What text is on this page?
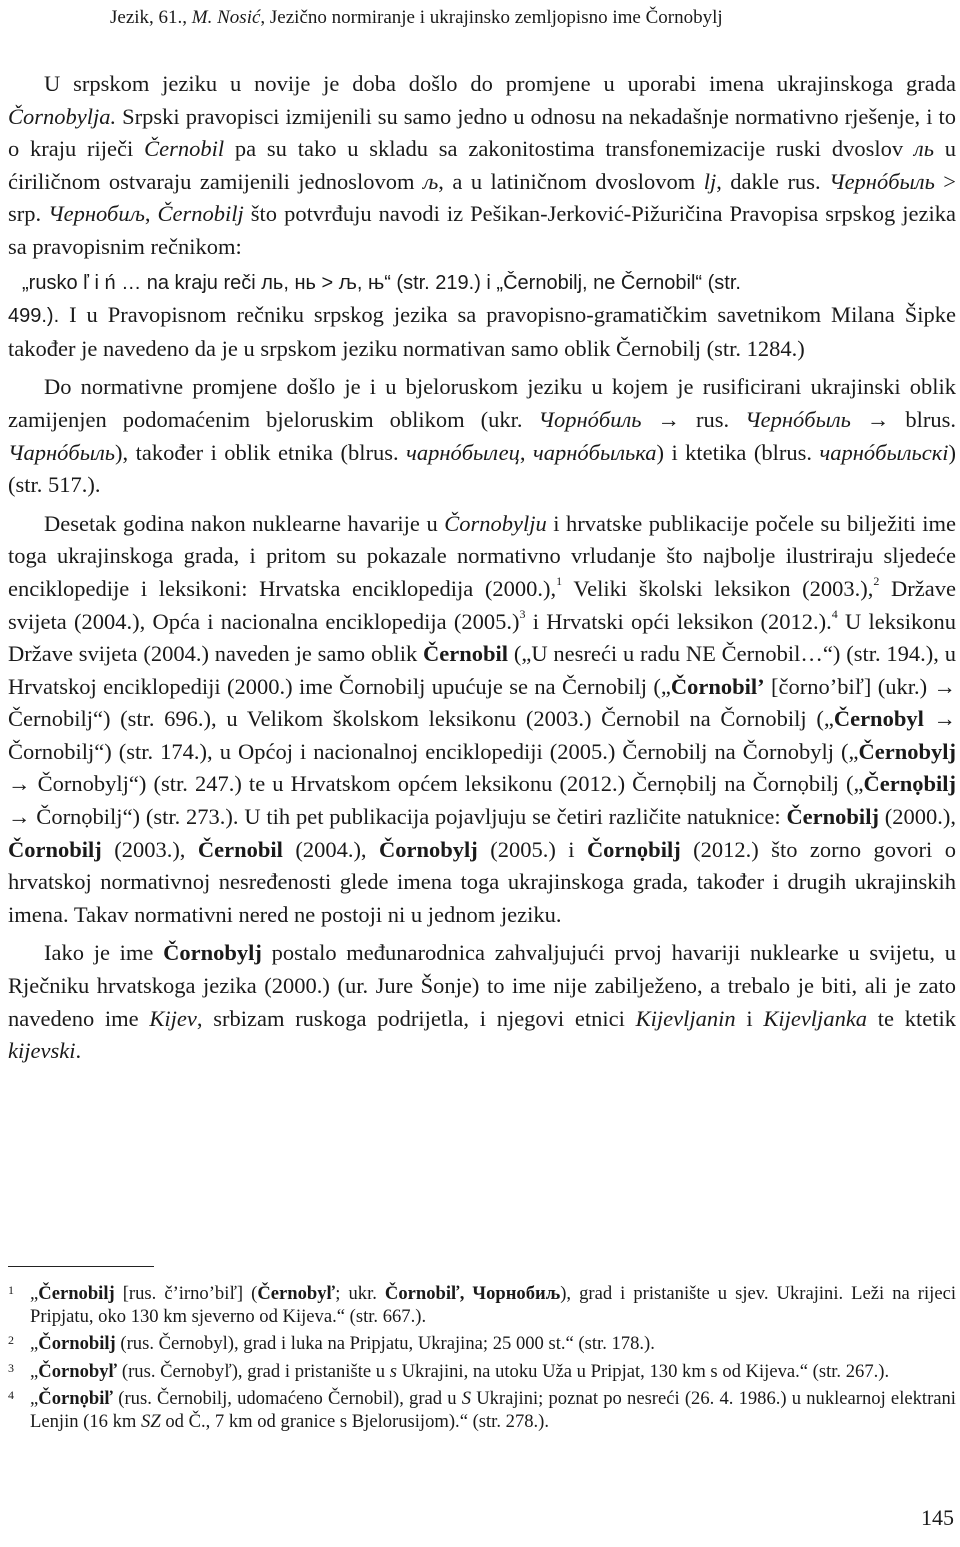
Jezik, 61., M. Nosić, Jezično normiranje i ukrajinsko zemljopisno ime Čornobylj

U srpskom jeziku u novije je doba došlo do promjene u uporabi imena ukrajinskoga grada Čornobylja. Srpski pravopisci izmijenili su samo jedno u odnosu na nekadašnje normativno rješenje, i to o kraju riječi Černobil pa su tako u skladu sa zakonitostima transfonemizacije ruski dvoslov ль u ćiriličnom ostvaraju zamijenili jednoslovom љ, a u latiničnom dvoslovom lj, dakle rus. Чернóбыль > srp. Чернобиљ, Černobilj što potvrđuju navodi iz Pešikan-Jerković-Pižuričina Pravopisa srpskog jezika sa pravopisnim rečnikom:

„rusko ľ i ń … na kraju reči ль, нь > љ, њ“ (str. 219.) i „Černobilj, ne Černobil“ (str.

499.). I u Pravopisnom rečniku srpskog jezika sa pravopisno-gramatičkim savetnikom Milana Šipke također je navedeno da je u srpskom jeziku normativan samo oblik Černobilj (str. 1284.)

Do normativne promjene došlo je i u bjeloruskom jeziku u kojem je rusificirani ukrajinski oblik zamijenjen podomaćenim bjeloruskim oblikom (ukr. Чорнóбиль → rus. Чернóбыль → blrus. Чарнóбыль), također i oblik etnika (blrus. чарнóбылец, чарнóбылька) i ktetika (blrus. чарнóбыльскі) (str. 517.).

Desetak godina nakon nuklearne havarije u Čornobylju i hrvatske publikacije počele su bilježiti ime toga ukrajinskoga grada, i pritom su pokazale normativno vrludanje što najbolje ilustriraju sljedeće enciklopedije i leksikoni: Hrvatska enciklopedija (2000.),$^1$ Veliki školski leksikon (2003.),$^2$ Države svijeta (2004.), Opća i nacionalna enciklopedija $(2005.)^3$ i Hrvatski opći leksikon (2012.).$^4$ U leksikonu Države svijeta (2004.) naveden je samo oblik Černobil („U nesreći u radu NE Černobil…“) (str. 194.), u Hrvatskoj enciklopediji (2000.) ime Čornobilj upućuje se na Černobilj („Čornobil’ [čorno’biľ] (ukr.) → Černobilj“) (str. 696.), u Velikom školskom leksikonu (2003.) Černobil na Čornobilj („Černobyl → Čornobilj“) (str. 174.), u Općoj i nacionalnoj enciklopediji (2005.) Černobilj na Čornobylj („Černobylj → Čornobylj“) (str. 247.) te u Hrvatskom općem leksikonu (2012.) Černọbilj na Čornọbilj („Černọbilj → Čornọbilj“) (str. 273.). U tih pet publikacija pojavljuju se četiri različite natuknice: Černobilj (2000.), Čornobilj (2003.), Černobil (2004.), Čornobylj (2005.) i Čornọbilj (2012.) što zorno govori o hrvatskoj normativnoj nesređenosti glede imena toga ukrajinskoga grada, također i drugih ukrajinskih imena. Takav normativni nered ne postoji ni u jednom jeziku.

Iako je ime Čornobylj postalo međunarodnica zahvaljujući prvoj havariji nuklearke u svijetu, u Rječniku hrvatskoga jezika (2000.) (ur. Jure Šonje) to ime nije zabilježeno, a trebalo je biti, ali je zato navedeno ime Kijev, srbizam ruskoga podrijetla, i njegovi etnici Kijevljanin i Kijevljanka te ktetik kijevski.

1 „Černobilj [rus. č’irno’biľ] (Černobyľ; ukr. Čornobiľ, Чорнобиљ), grad i pristanište u sjev. Ukrajini. Leži na rijeci Pripjatu, oko 130 km sjeverno od Kijeva.“ (str. 667.).
2 „Čornobilj (rus. Černobyl), grad i luka na Pripjatu, Ukrajina; 25 000 st.“ (str. 178.).
3 „Čornobyľ (rus. Černobyľ), grad i pristanište u s Ukrajini, na utoku Uža u Pripjat, 130 km s od Kijeva.“ (str. 267.).
4 „Čornọbiľ (rus. Černobilj, udomaćeno Černobil), grad u S Ukrajini; poznat po nesreći (26. 4. 1986.) u nuklearnoj elektrani Lenjin (16 km SZ od Č., 7 km od granice s Bjelorusijom).“ (str. 278.).
145
